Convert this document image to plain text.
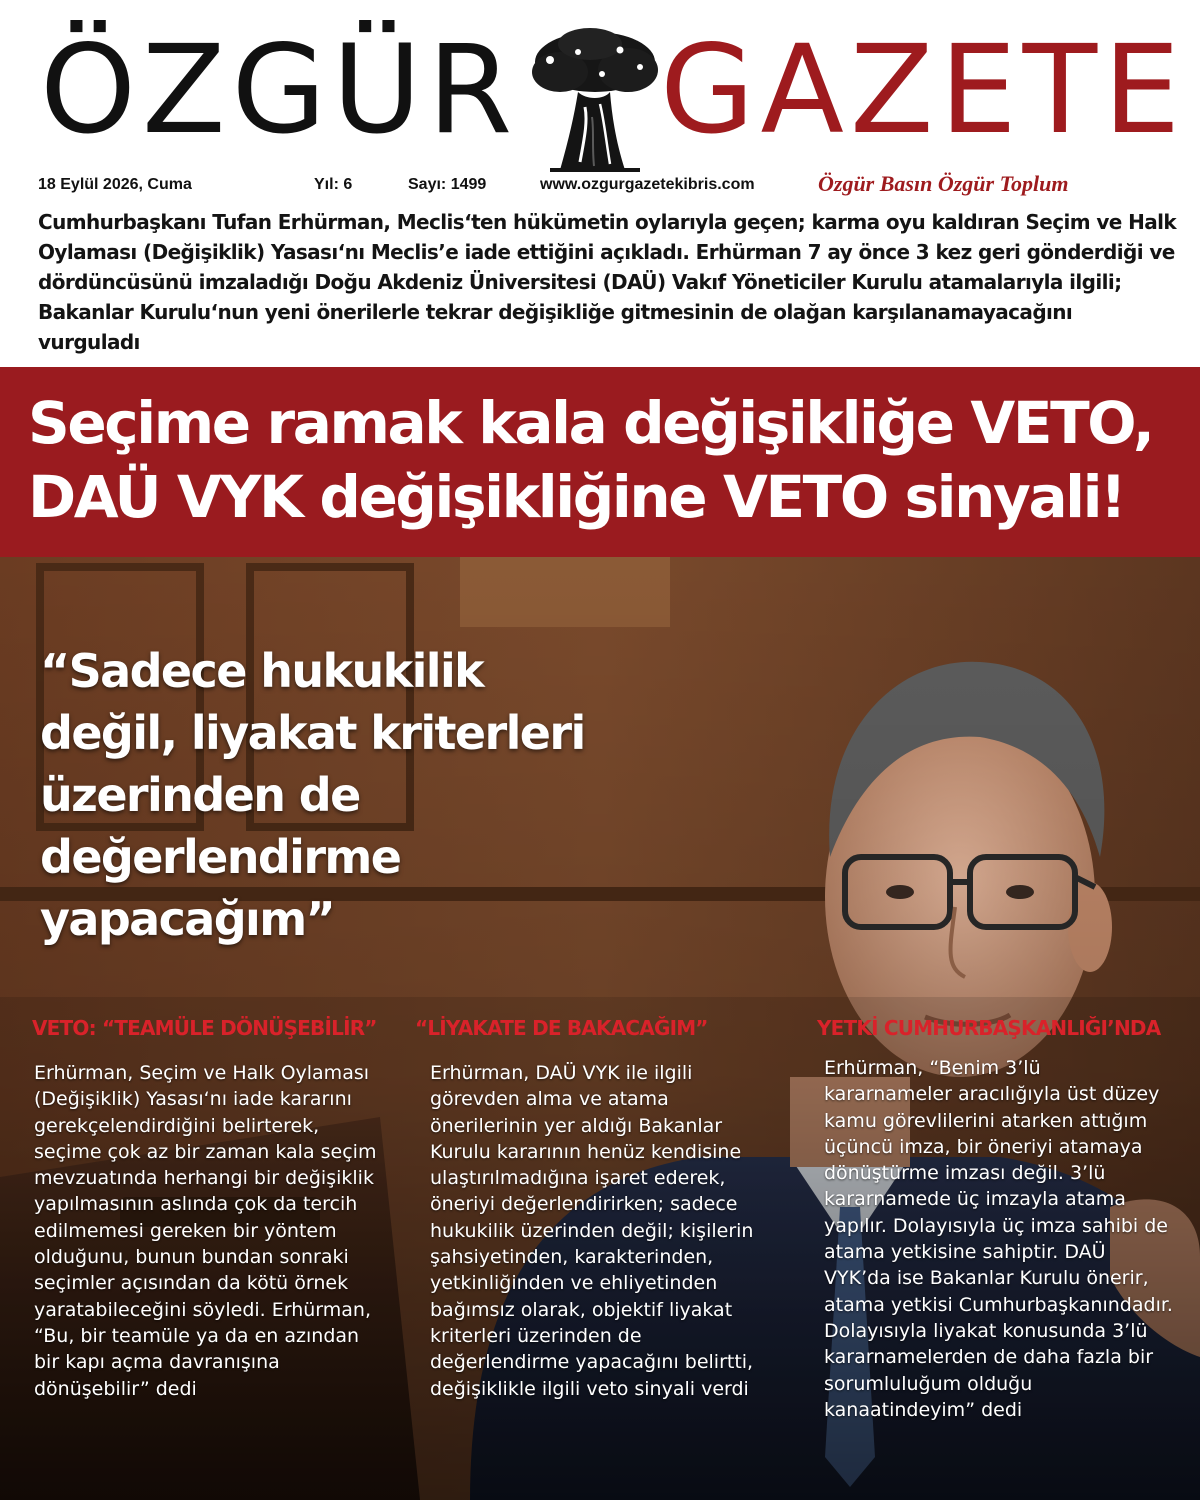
ÖZGÜR GAZETE
18 Eylül 2026, Cuma	Yıl: 6	Sayı: 1499	www.ozgurgazetekibris.com	Özgür Basın Özgür Toplum
Cumhurbaşkanı Tufan Erhürman, Meclis‘ten hükümetin oylarıyla geçen; karma oyu kaldıran Seçim ve Halk Oylaması (Değişiklik) Yasası‘nı Meclis’e iade ettiğini açıkladı. Erhürman 7 ay önce 3 kez geri gönderdiği ve dördüncüsünü imzaladığı Doğu Akdeniz Üniversitesi (DAÜ) Vakıf Yöneticiler Kurulu atamalarıyla ilgili; Bakanlar Kurulu‘nun yeni önerilerle tekrar değişikliğe gitmesinin de olağan karşılanamayacağını vurguladı
Seçime ramak kala değişikliğe VETO,
DAÜ VYK değişikliğine VETO sinyali!
“Sadece hukukilik değil, liyakat kriterleri üzerinden de değerlendirme yapacağım”
VETO: “TEAMÜLE DÖNÜŞEBİLİR”
Erhürman, Seçim ve Halk Oylaması (Değişiklik) Yasası‘nı iade kararını gerekçelendirdiğini belirterek, seçime çok az bir zaman kala seçim mevzuatında herhangi bir değişiklik yapılmasının aslında çok da tercih edilmemesi gereken bir yöntem olduğunu, bunun bundan sonraki seçimler açısından da kötü örnek yaratabileceğini söyledi. Erhürman, “Bu, bir teamüle ya da en azından bir kapı açma davranışına dönüşebilir” dedi
“LİYAKATE DE BAKACAĞIM”
Erhürman, DAÜ VYK ile ilgili görevden alma ve atama önerilerinin yer aldığı Bakanlar Kurulu kararının henüz kendisine ulaştırılmadığına işaret ederek, öneriyi değerlendirirken; sadece hukukilik üzerinden değil; kişilerin şahsiyetinden, karakterinden, yetkinliğinden ve ehliyetinden bağımsız olarak, objektif liyakat kriterleri üzerinden de değerlendirme yapacağını belirtti, değişiklikle ilgili veto sinyali verdi
YETKİ CUMHURBAŞKANLIĞI’NDA
Erhürman, “Benim 3’lü kararnameler aracılığıyla üst düzey kamu görevlilerini atarken attığım üçüncü imza, bir öneriyi atamaya dönüştürme imzası değil. 3’lü kararnamede üç imzayla atama yapılır. Dolayısıyla üç imza sahibi de atama yetkisine sahiptir. DAÜ VYK’da ise Bakanlar Kurulu önerir, atama yetkisi Cumhurbaşkanındadır. Dolayısıyla liyakat konusunda 3’lü kararnamelerden de daha fazla bir sorumluluğum olduğu kanaatindeyim” dedi
